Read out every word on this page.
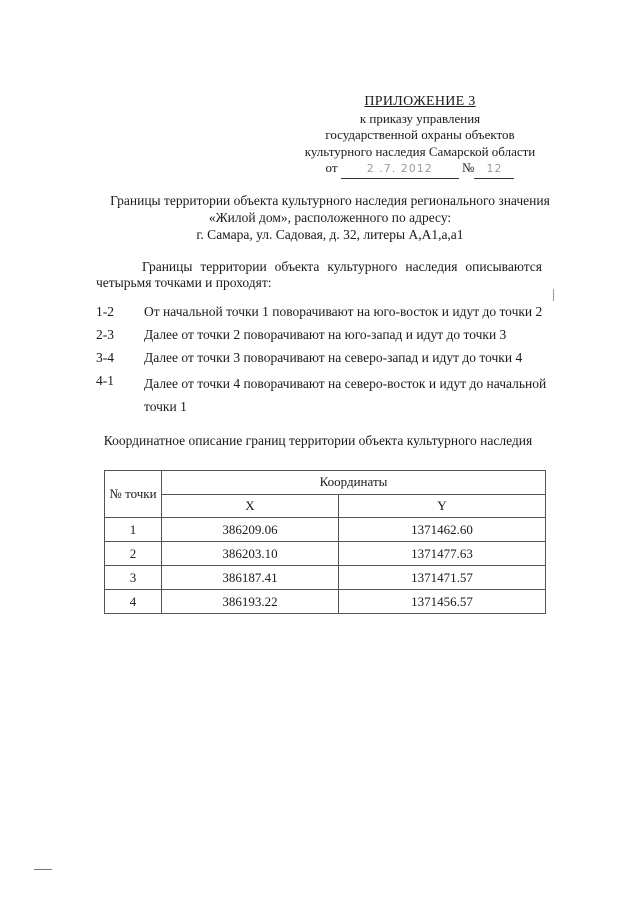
ПРИЛОЖЕНИЕ 3
к приказу управления
государственной охраны объектов
культурного наследия Самарской области
от	2 .7. 2012 № 12
Границы территории объекта культурного наследия регионального значения
«Жилой дом», расположенного по адресу:
г. Самара, ул. Садовая, д. 32, литеры А,А1,а,а1
Границы территории объекта культурного наследия описываются четырьмя точками и проходят:
1-2	От начальной точки 1 поворачивают на юго-восток и идут до точки 2
2-3	Далее от точки 2 поворачивают на юго-запад и идут до точки 3
3-4	Далее от точки 3 поворачивают на северо-запад и идут до точки 4
4-1	Далее от точки 4 поворачивают на северо-восток и идут до начальной точки 1
Координатное описание границ территории объекта культурного наследия
№ точки	Координаты	
	X	Y
1	386209.06	1371462.60
2	386203.10	1371477.63
3	386187.41	1371471.57
4	386193.22	1371456.57
